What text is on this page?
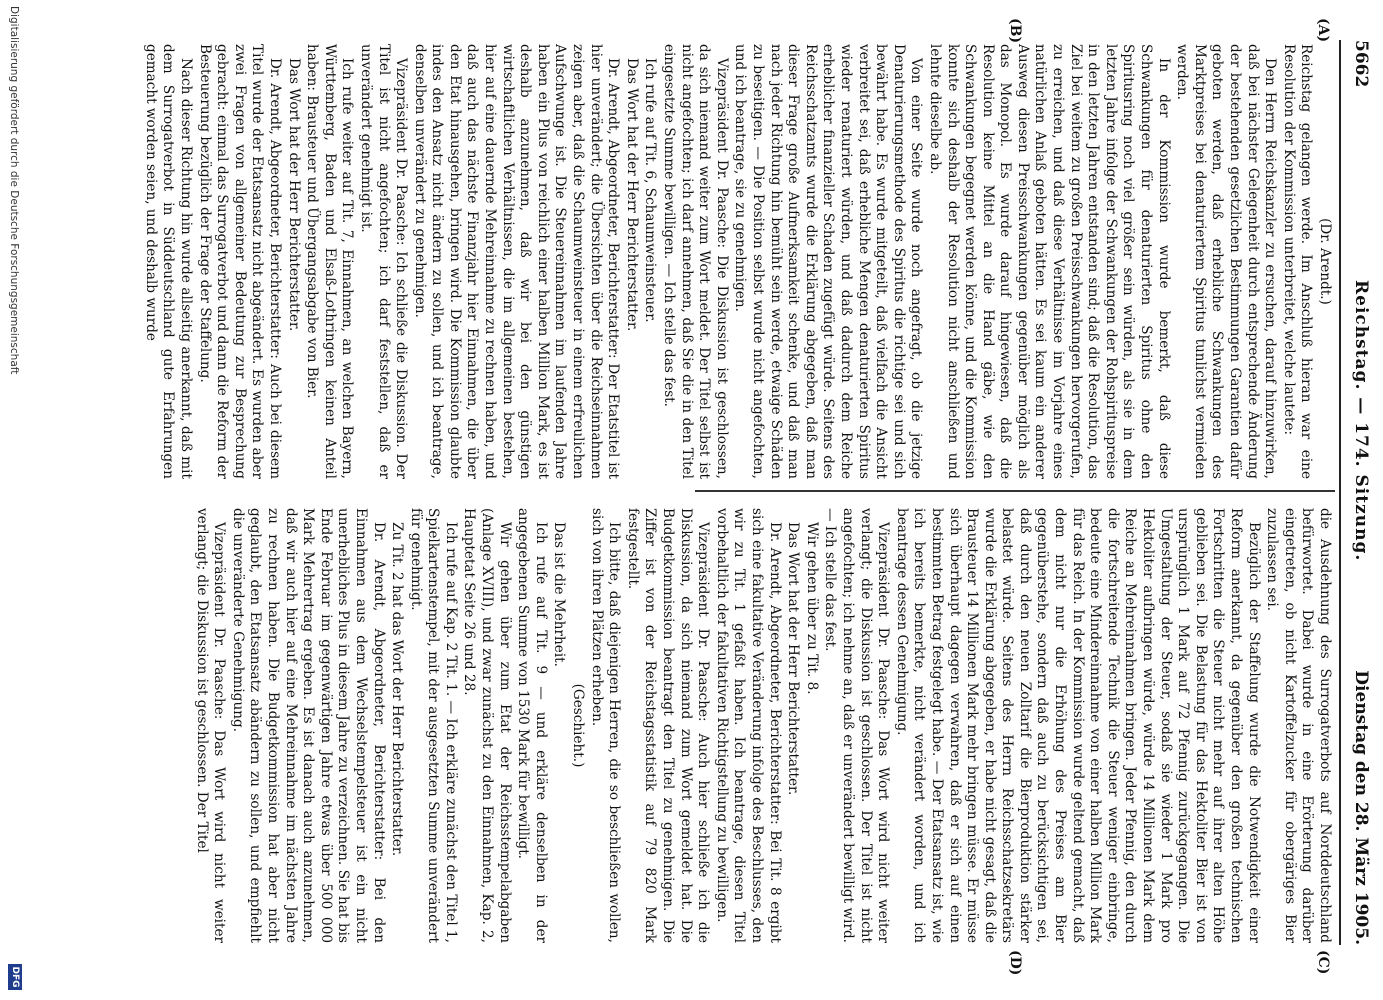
5662
Reichstag. — 174. Sitzung.
Dienstag den 28. März 1905.
(A)
(B)
(C)
(D)

(Dr. Arendt.)

Reichstag gelangen werde. Im Anschluß hieran war eine Resolution der Kommission unterbreitet, welche lautete:

Den Herrn Reichskanzler zu ersuchen, darauf hinzuwirken, daß bei nächster Gelegenheit durch entsprechende Änderung der bestehenden gesetzlichen Bestimmungen Garantien dafür geboten werden, daß erhebliche Schwankungen des Marktpreises bei denaturiertem Spiritus tunlichst vermieden werden.

In der Kommission wurde bemerkt, daß diese Schwankungen für denaturierten Spiritus ohne den Spiritusring noch viel größer sein würden, als sie in dem letzten Jahre infolge der Schwankungen der Rohspirituspreise in den letzten Jahren entstanden sind; daß die Resolution, das Ziel bei weitem zu großen Preisschwankungen hervorgerufen, zu erreichen, und daß diese Verhältnisse im Vorjahre eines natürlichen Anlaß geboten hätten. Es sei kaum ein anderer Ausweg diesen Preisschwankungen gegenüber möglich als das Monopol. Es wurde darauf hingewiesen, daß die Resolution keine Mittel an die Hand gäbe, wie den Schwankungen begegnet werden könne, und die Kommission konnte sich deshalb der Resolution nicht anschließen und lehnte dieselbe ab.

Von einer Seite wurde noch angefragt, ob die jetzige Denaturierungsmethode des Spiritus die richtige sei und sich bewährt habe. Es wurde mitgeteilt, daß vielfach die Ansicht verbreitet sei, daß erhebliche Mengen denaturierten Spiritus wieder renaturiert würden, und daß dadurch dem Reiche erheblicher finanzieller Schaden zugefügt würde. Seitens des Reichsschatzamts wurde die Erklärung abgegeben, daß man dieser Frage große Aufmerksamkeit schenke, und daß man nach jeder Richtung hin bemüht sein werde, etwaige Schäden zu beseitigen. — Die Position selbst wurde nicht angefochten, und ich beantrage, sie zu genehmigen.

Vizepräsident Dr. Paasche: Die Diskussion ist geschlossen, da sich niemand weiter zum Wort meldet. Der Titel selbst ist nicht angefochten; ich darf annehmen, daß Sie die in den Titel eingesetzte Summe bewilligen. — Ich stelle das fest.

Ich rufe auf Tit. 6, Schaumweinsteuer.

Das Wort hat der Herr Berichterstatter.

Dr. Arendt, Abgeordneter, Berichterstatter: Der Etatstitel ist hier unverändert; die Übersichten über die Reichseinnahmen zeigen aber, daß die Schaumweinsteuer in einem erfreulichen Aufschwunge ist. Die Steuereinnahmen im laufenden Jahre haben ein Plus von reichlich einer halben Million Mark, es ist deshalb anzunehmen, daß wir bei den günstigen wirtschaftlichen Verhältnissen, die im allgemeinen bestehen, hier auf eine dauernde Mehreinnahme zu rechnen haben, und daß auch das nächste Finanzjahr hier Einnahmen, die über den Etat hinausgehen, bringen wird. Die Kommission glaubte indes den Ansatz nicht ändern zu sollen, und ich beantrage, denselben unverändert zu genehmigen.

Vizepräsident Dr. Paasche: Ich schließe die Diskussion. Der Titel ist nicht angefochten; ich darf feststellen, daß er unverändert genehmigt ist.

Ich rufe weiter auf Tit. 7, Einnahmen, an welchen Bayern, Württemberg, Baden und Elsaß-Lothringen keinen Anteil haben: Brausteuer und Übergangsabgabe von Bier.

Das Wort hat der Herr Berichterstatter.

Dr. Arendt, Abgeordneter, Berichterstatter: Auch bei diesem Titel wurde der Etatsansatz nicht abgeändert. Es wurden aber zwei Fragen von allgemeiner Bedeutung zur Besprechung gebracht: einmal das Surrogatverbot und dann die Reform der Besteuerung bezüglich der Frage der Staffelung.

Nach dieser Richtung hin wurde allseitig anerkannt, daß mit dem Surrogatverbot in Süddeutschland gute Erfahrungen gemacht worden seien, und deshalb wurde

die Ausdehnung des Surrogatverbots auf Norddeutschland befürwortet. Dabei wurde in eine Erörterung darüber eingetreten, ob nicht Kartoffelzucker für obergäriges Bier zuzulassen sei.

Bezüglich der Staffelung wurde die Notwendigkeit einer Reform anerkannt, da gegenüber den großen technischen Fortschritten die Steuer nicht mehr auf ihrer alten Höhe geblieben sei. Die Belastung für das Hektoliter Bier ist von ursprünglich 1 Mark auf 72 Pfennig zurückgegangen. Die Umgestaltung der Steuer, sodaß sie wieder 1 Mark pro Hektoliter aufbringen würde, würde 14 Millionen Mark dem Reiche an Mehreinnahmen bringen. Jeder Pfennig, den durch die fortschreitende Technik die Steuer weniger einbringe, bedeute eine Mindereinnahme von einer halben Million Mark für das Reich. In der Kommission wurde geltend gemacht, daß dem nicht nur die Erhöhung des Preises am Bier gegenüberstehe, sondern daß auch zu berücksichtigen sei, daß durch den neuen Zolltarif die Bierproduktion stärker belastet würde. Seitens des Herrn Reichsschatzsekretärs wurde die Erklärung abgegeben, er habe nicht gesagt, daß die Brausteuer 14 Millionen Mark mehr bringen müsse. Er müsse sich überhaupt dagegen verwahren, daß er sich auf einen bestimmten Betrag festgelegt habe. — Der Etatsansatz ist, wie ich bereits bemerkte, nicht verändert worden, und ich beantrage dessen Genehmigung.

Vizepräsident Dr. Paasche: Das Wort wird nicht weiter verlangt; die Diskussion ist geschlossen. Der Titel ist nicht angefochten; ich nehme an, daß er unverändert bewilligt wird. — Ich stelle das fest.

Wir gehen über zu Tit. 8.

Das Wort hat der Herr Berichterstatter.

Dr. Arendt, Abgeordneter, Berichterstatter: Bei Tit. 8 ergibt sich eine fakultative Veränderung infolge des Beschlusses, den wir zu Tit. 1 gefaßt haben. Ich beantrage, diesen Titel vorbehaltlich der fakultativen Richtigstellung zu bewilligen.

Vizepräsident Dr. Paasche: Auch hier schließe ich die Diskussion, da sich niemand zum Wort gemeldet hat. Die Budgetkommission beantragt den Titel zu genehmigen. Die Ziffer ist von der Reichstagsstatistik auf 79 820 Mark festgestellt.

Ich bitte, daß diejenigen Herren, die so beschließen wollen, sich von ihren Plätzen erheben.

(Geschieht.)

Das ist die Mehrheit.

Ich rufe auf Tit. 9 — und erkläre denselben in der angegebenen Summe von 1530 Mark für bewilligt.

Wir gehen über zum Etat der Reichsstempelabgaben (Anlage XVIII), und zwar zunächst zu den Einnahmen, Kap. 2, Hauptetat Seite 26 und 28.

Ich rufe auf Kap. 2 Tit. 1. — Ich erkläre zunächst den Titel 1, Spielkartenstempel, mit der ausgesetzten Summe unverändert für genehmigt.

Zu Tit. 2 hat das Wort der Herr Berichterstatter.

Dr. Arendt, Abgeordneter, Berichterstatter: Bei den Einnahmen aus dem Wechselstempelsteuer ist ein nicht unerhebliches Plus in diesem Jahre zu verzeichnen. Sie hat bis Ende Februar im gegenwärtigen Jahre etwas über 500 000 Mark Mehrertrag ergeben. Es ist danach auch anzunehmen, daß wir auch hier auf eine Mehreinnahme im nächsten Jahre zu rechnen haben. Die Budgetkommission hat aber nicht geglaubt, den Etatsansatz abändern zu sollen, und empfiehlt die unveränderte Genehmigung.

Vizepräsident Dr. Paasche: Das Wort wird nicht weiter verlangt; die Diskussion ist geschlossen. Der Titel

Digitalisierung gefördert durch die Deutsche Forschungsgemeinschaft
DFG
